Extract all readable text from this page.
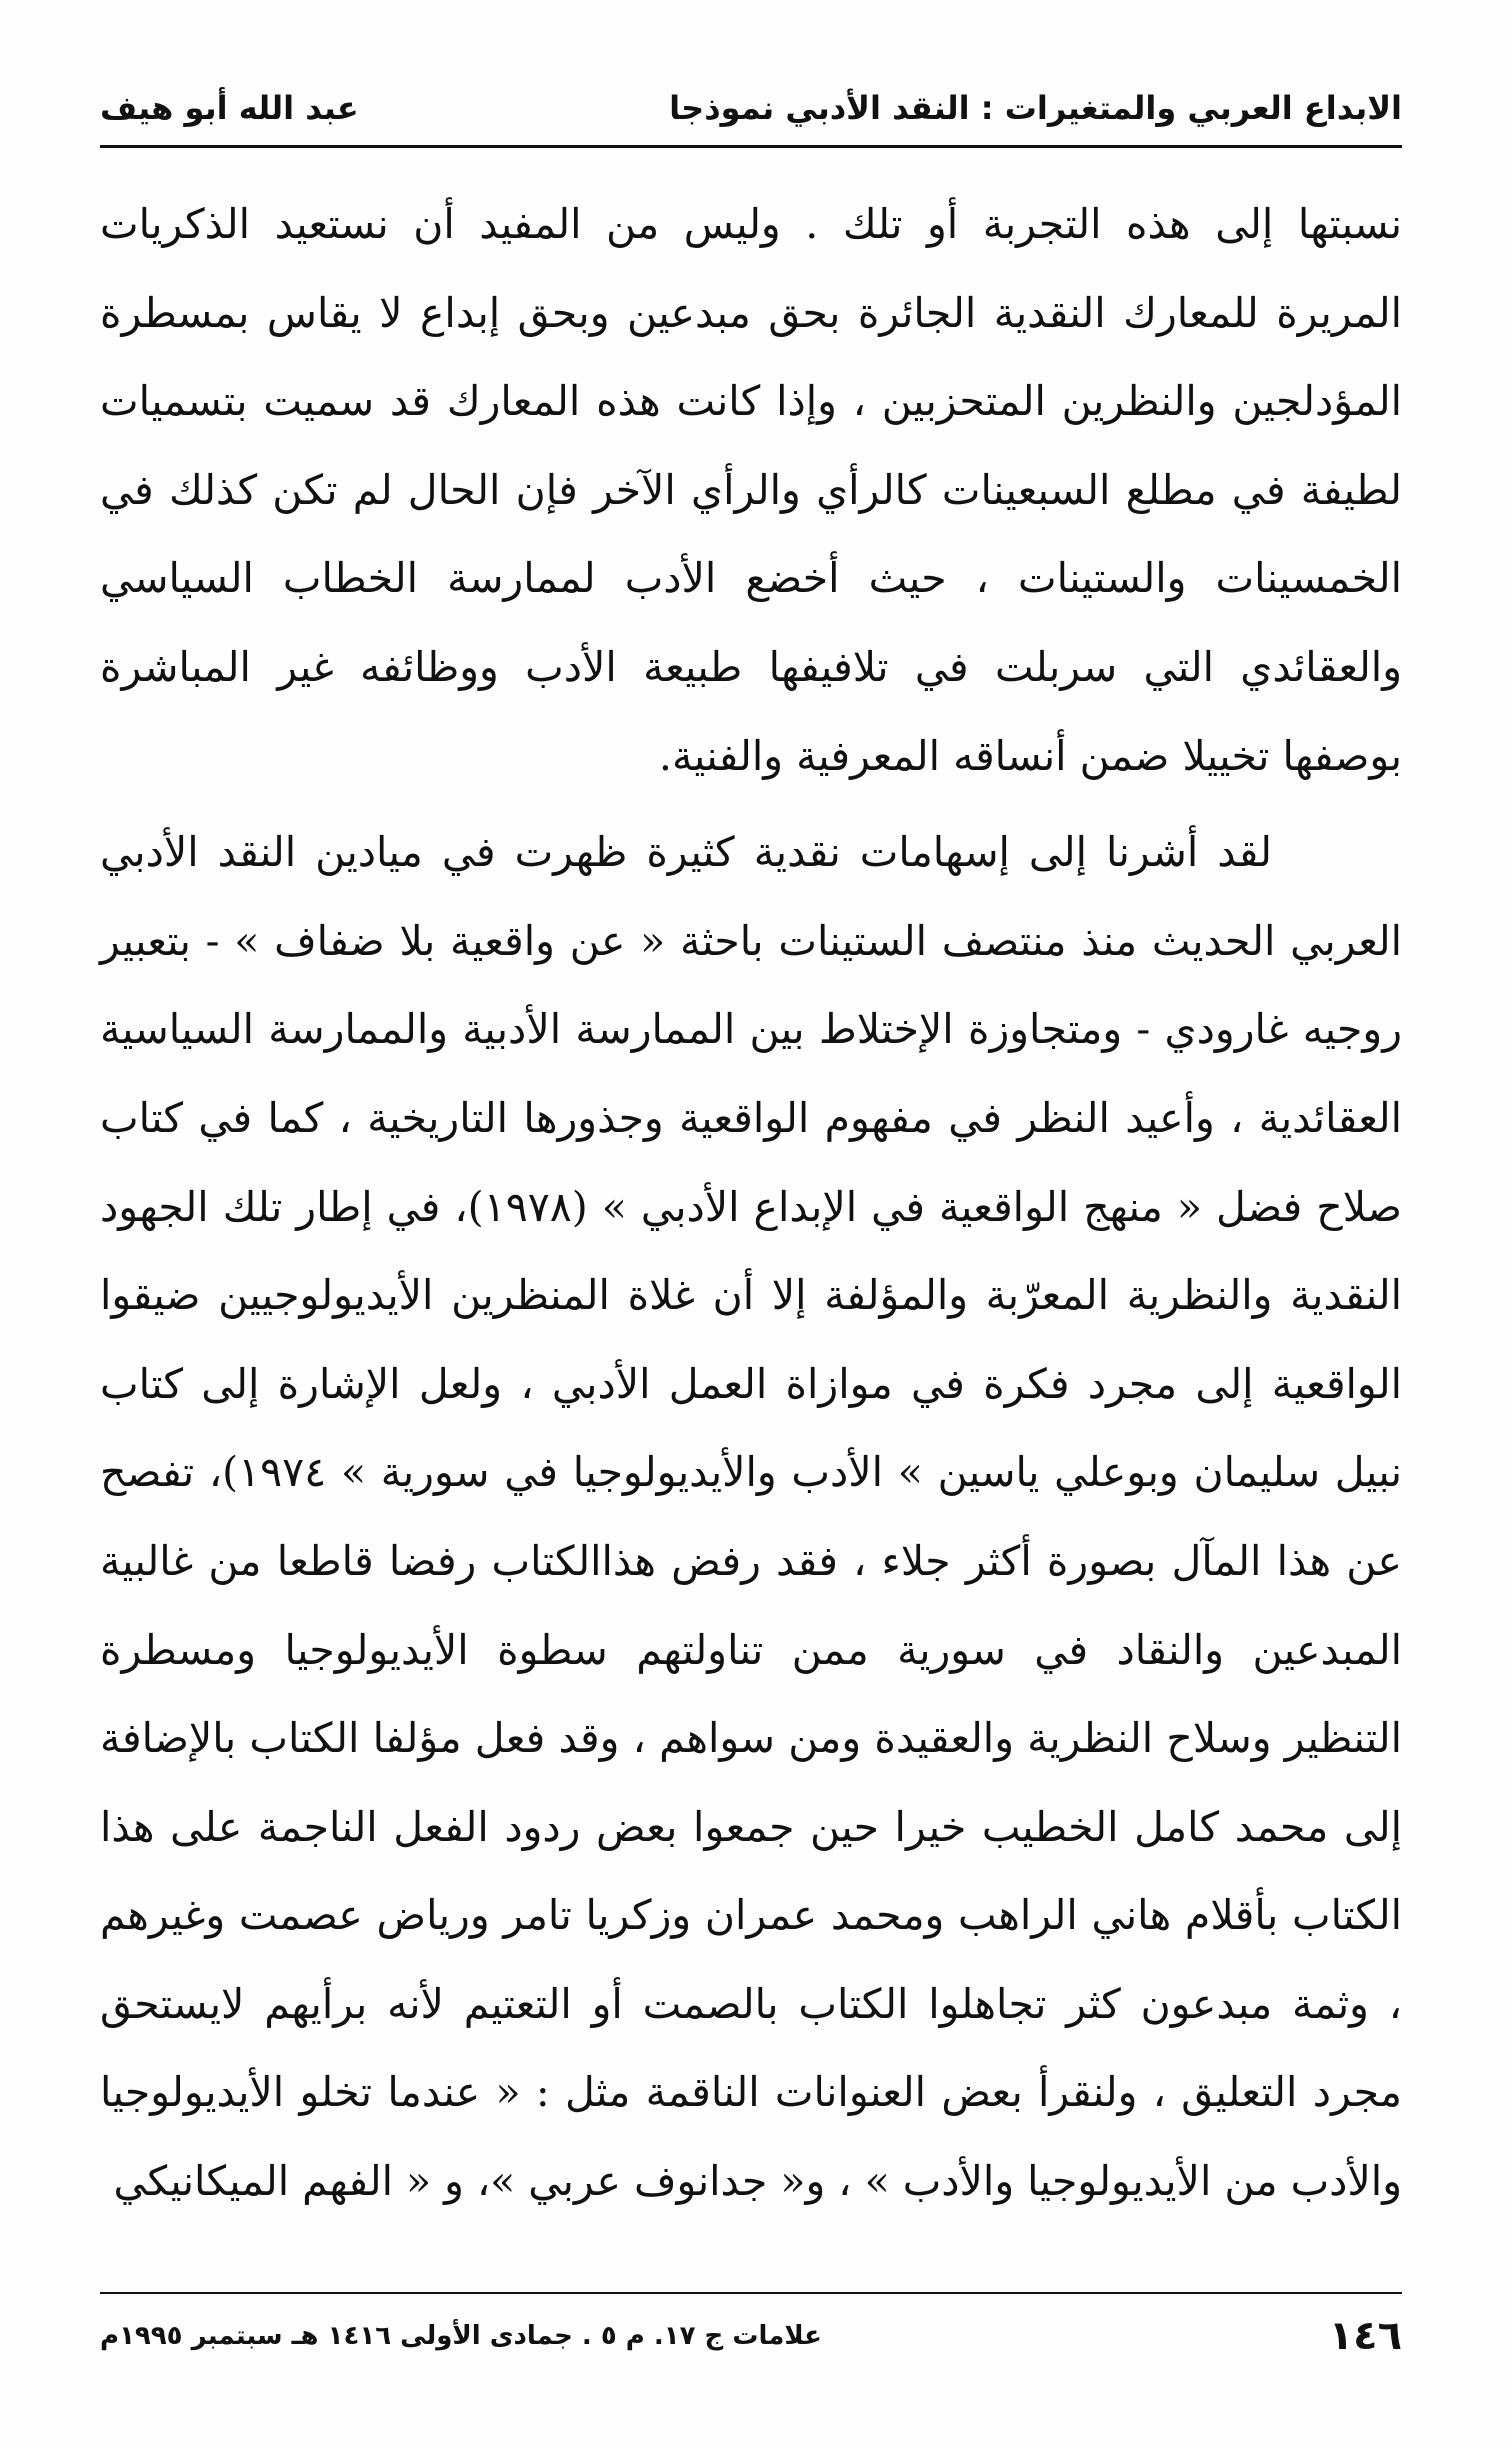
الابداع العربي والمتغيرات : النقد الأدبي نموذجا
عبد الله أبو هيف

نسبتها إلى هذه التجربة أو تلك . وليس من المفيد أن نستعيد الذكريات المريرة للمعارك النقدية الجائرة بحق مبدعين وبحق إبداع لا يقاس بمسطرة المؤدلجين والنظرين المتحزبين ، وإذا كانت هذه المعارك قد سميت بتسميات لطيفة في مطلع السبعينات كالرأي والرأي الآخر فإن الحال لم تكن كذلك في الخمسينات والستينات ، حيث أخضع الأدب لممارسة الخطاب السياسي والعقائدي التي سربلت في تلافيفها طبيعة الأدب ووظائفه غير المباشرة بوصفها تخييلا ضمن أنساقه المعرفية والفنية.

لقد أشرنا إلى إسهامات نقدية كثيرة ظهرت في ميادين النقد الأدبي العربي الحديث منذ منتصف الستينات باحثة « عن واقعية بلا ضفاف » - بتعبير روجيه غارودي - ومتجاوزة الإختلاط بين الممارسة الأدبية والممارسة السياسية العقائدية ، وأعيد النظر في مفهوم الواقعية وجذورها التاريخية ، كما في كتاب صلاح فضل « منهج الواقعية في الإبداع الأدبي » (١٩٧٨)، في إطار تلك الجهود النقدية والنظرية المعرّبة والمؤلفة إلا أن غلاة المنظرين الأيديولوجيين ضيقوا الواقعية إلى مجرد فكرة في موازاة العمل الأدبي ، ولعل الإشارة إلى كتاب نبيل سليمان وبوعلي ياسين » الأدب والأيديولوجيا في سورية » ١٩٧٤)، تفصح عن هذا المآل بصورة أكثر جلاء ، فقد رفض هذاالكتاب رفضا قاطعا من غالبية المبدعين والنقاد في سورية ممن تناولتهم سطوة الأيديولوجيا ومسطرة التنظير وسلاح النظرية والعقيدة ومن سواهم ، وقد فعل مؤلفا الكتاب بالإضافة إلى محمد كامل الخطيب خيرا حين جمعوا بعض ردود الفعل الناجمة على هذا الكتاب بأقلام هاني الراهب ومحمد عمران وزكريا تامر ورياض عصمت وغيرهم ، وثمة مبدعون كثر تجاهلوا الكتاب بالصمت أو التعتيم لأنه برأيهم لايستحق مجرد التعليق ، ولنقرأ بعض العنوانات الناقمة مثل : « عندما تخلو الأيديولوجيا والأدب من الأيديولوجيا والأدب » ، و« جدانوف عربي »، و « الفهم الميكانيكي

١٤٦
علامات ج ١٧. م ٥ . جمادى الأولى ١٤١٦ هـ سبتمبر ١٩٩٥م
